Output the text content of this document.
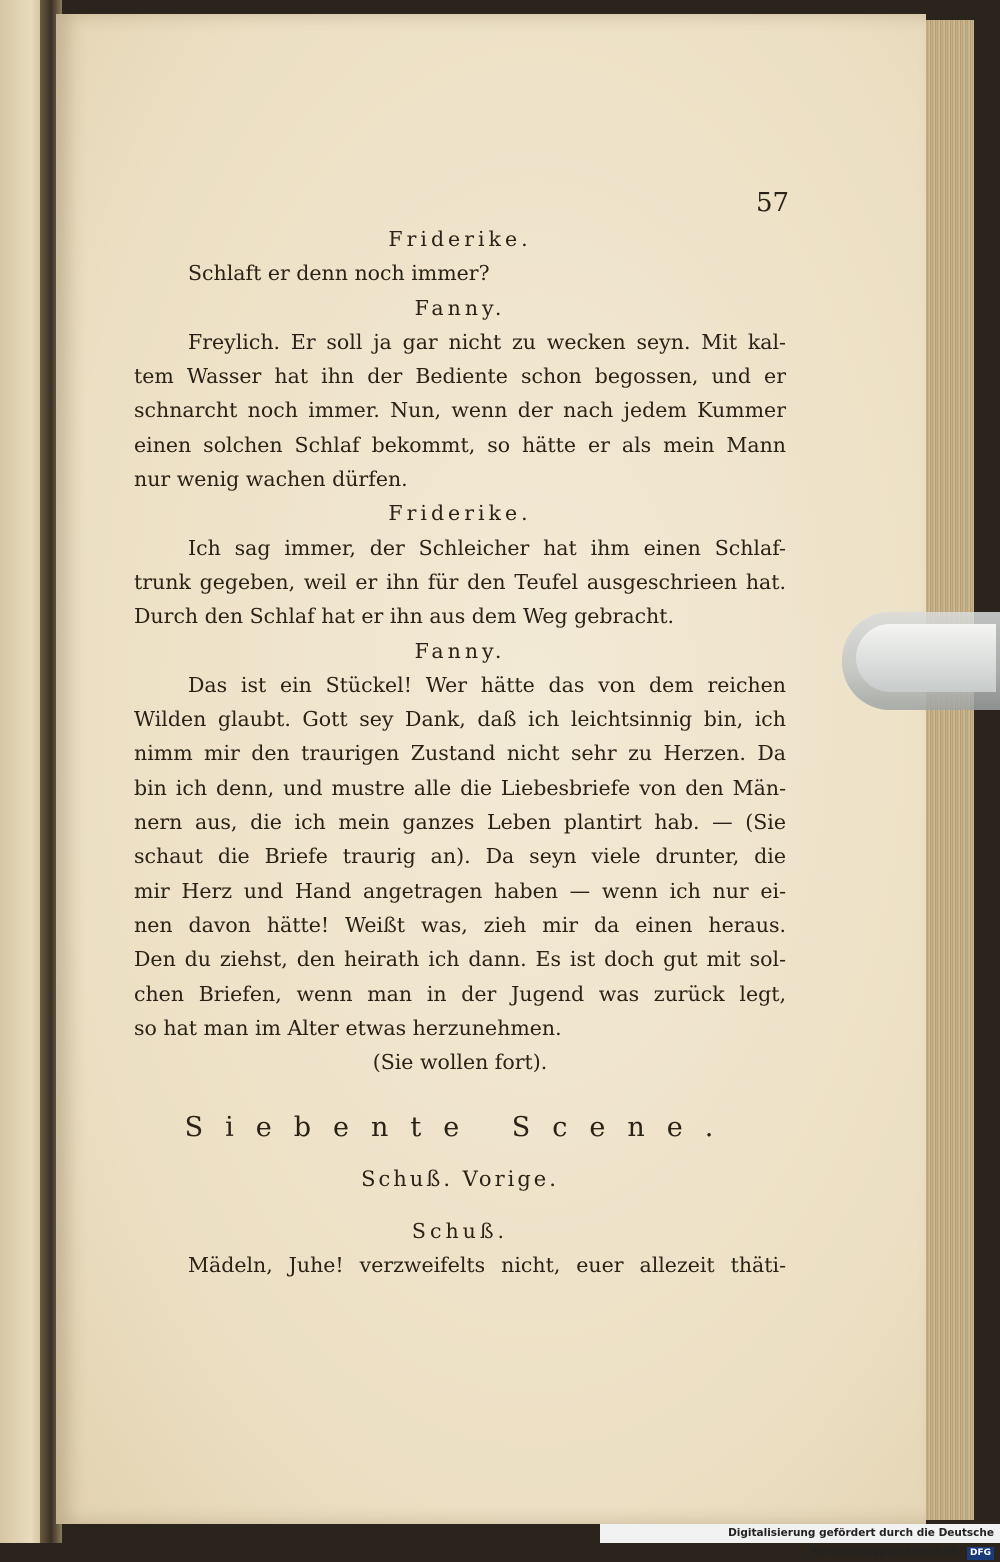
57

Friderike.

Schlaft er denn noch immer?

Fanny.

Freylich. Er soll ja gar nicht zu wecken seyn. Mit kal-

tem Wasser hat ihn der Bediente schon begossen, und er

schnarcht noch immer. Nun, wenn der nach jedem Kummer

einen solchen Schlaf bekommt, so hätte er als mein Mann

nur wenig wachen dürfen.

Friderike.

Ich sag immer, der Schleicher hat ihm einen Schlaf-

trunk gegeben, weil er ihn für den Teufel ausgeschrieen hat.

Durch den Schlaf hat er ihn aus dem Weg gebracht.

Fanny.

Das ist ein Stückel! Wer hätte das von dem reichen

Wilden glaubt. Gott sey Dank, daß ich leichtsinnig bin, ich

nimm mir den traurigen Zustand nicht sehr zu Herzen. Da

bin ich denn, und mustre alle die Liebesbriefe von den Män-

nern aus, die ich mein ganzes Leben plantirt hab. — (Sie

schaut die Briefe traurig an). Da seyn viele drunter, die

mir Herz und Hand angetragen haben — wenn ich nur ei-

nen davon hätte! Weißt was, zieh mir da einen heraus.

Den du ziehst, den heirath ich dann. Es ist doch gut mit sol-

chen Briefen, wenn man in der Jugend was zurück legt,

so hat man im Alter etwas herzunehmen.

(Sie wollen fort).

Siebente Scene.

Schuß. Vorige.

Schuß.

Mädeln, Juhe! verzweifelts nicht, euer allezeit thäti-

Digitalisierung gefördert durch die Deutsche Forschungsgemeinschaft DFG
